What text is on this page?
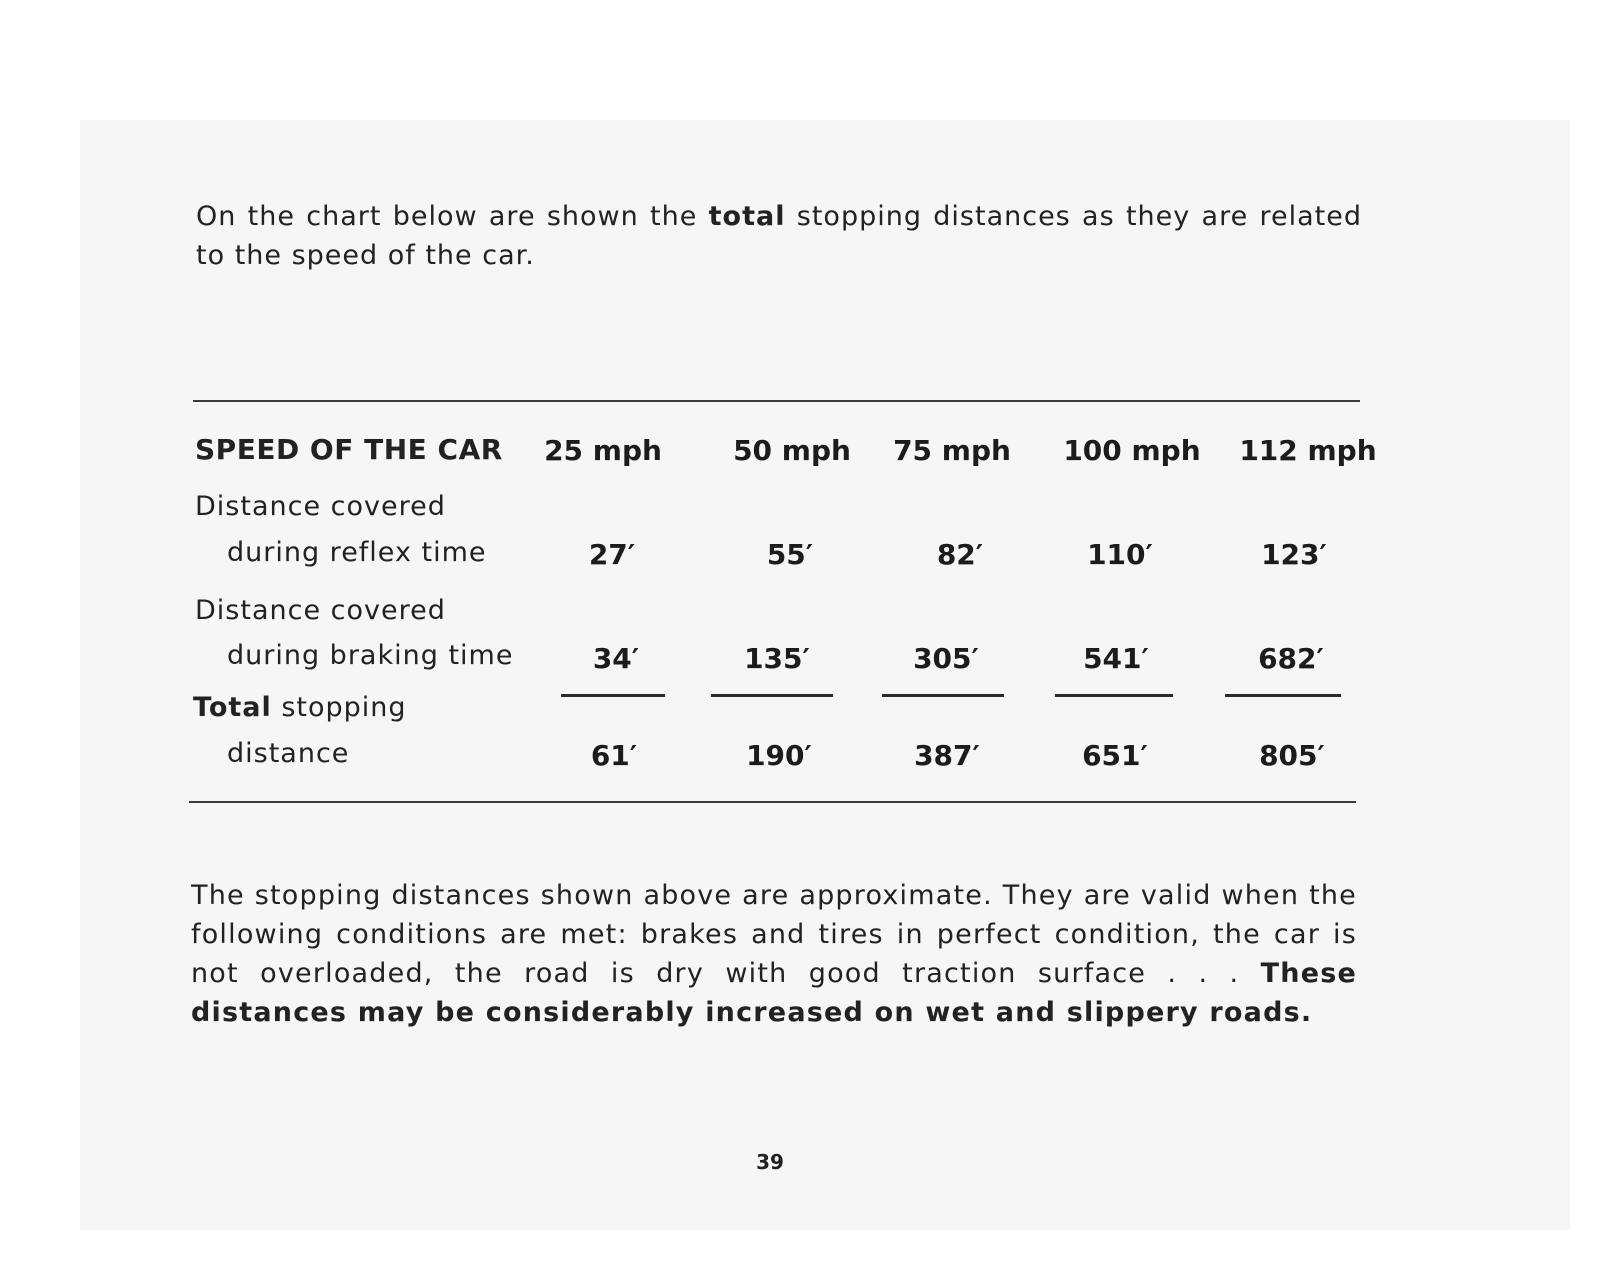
On the chart below are shown the total stopping distances as they are related to the speed of the car.

SPEED OF THE CAR	25 mph	50 mph	75 mph	100 mph	112 mph
Distance covered
during reflex time	27′	55′	82′	110′	123′
Distance covered
during braking time	34′	135′	305′	541′	682′
Total stopping
distance	61′	190′	387′	651′	805′

The stopping distances shown above are approximate. They are valid when the following conditions are met: brakes and tires in perfect condition, the car is not overloaded, the road is dry with good traction surface . . . These distances may be considerably increased on wet and slippery roads.

39
